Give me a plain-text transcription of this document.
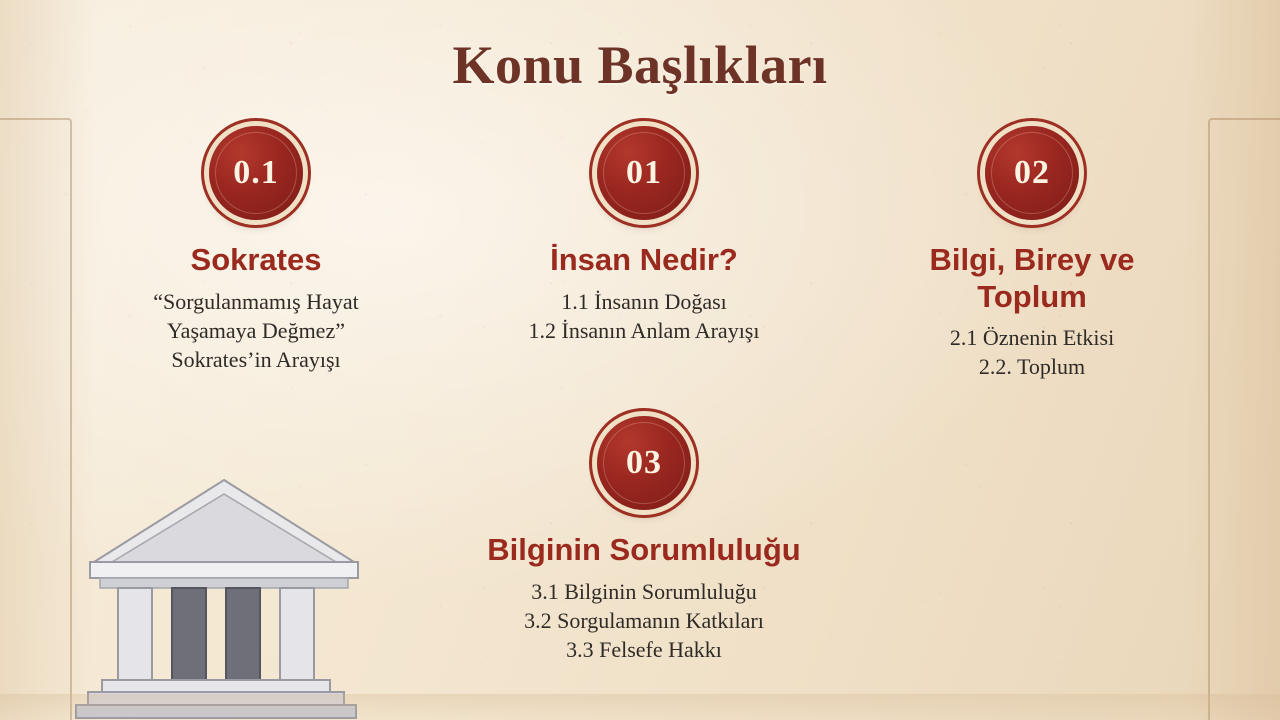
Konu Başlıkları
0.1
Sokrates
“Sorgulanmamış Hayat
Yaşamaya Değmez”
Sokrates’in Arayışı
01
İnsan Nedir?
1.1 İnsanın Doğası
1.2 İnsanın Anlam Arayışı
02
Bilgi, Birey ve Toplum
2.1 Öznenin Etkisi
2.2. Toplum
03
Bilginin Sorumluluğu
3.1 Bilginin Sorumluluğu
3.2 Sorgulamanın Katkıları
3.3 Felsefe Hakkı
